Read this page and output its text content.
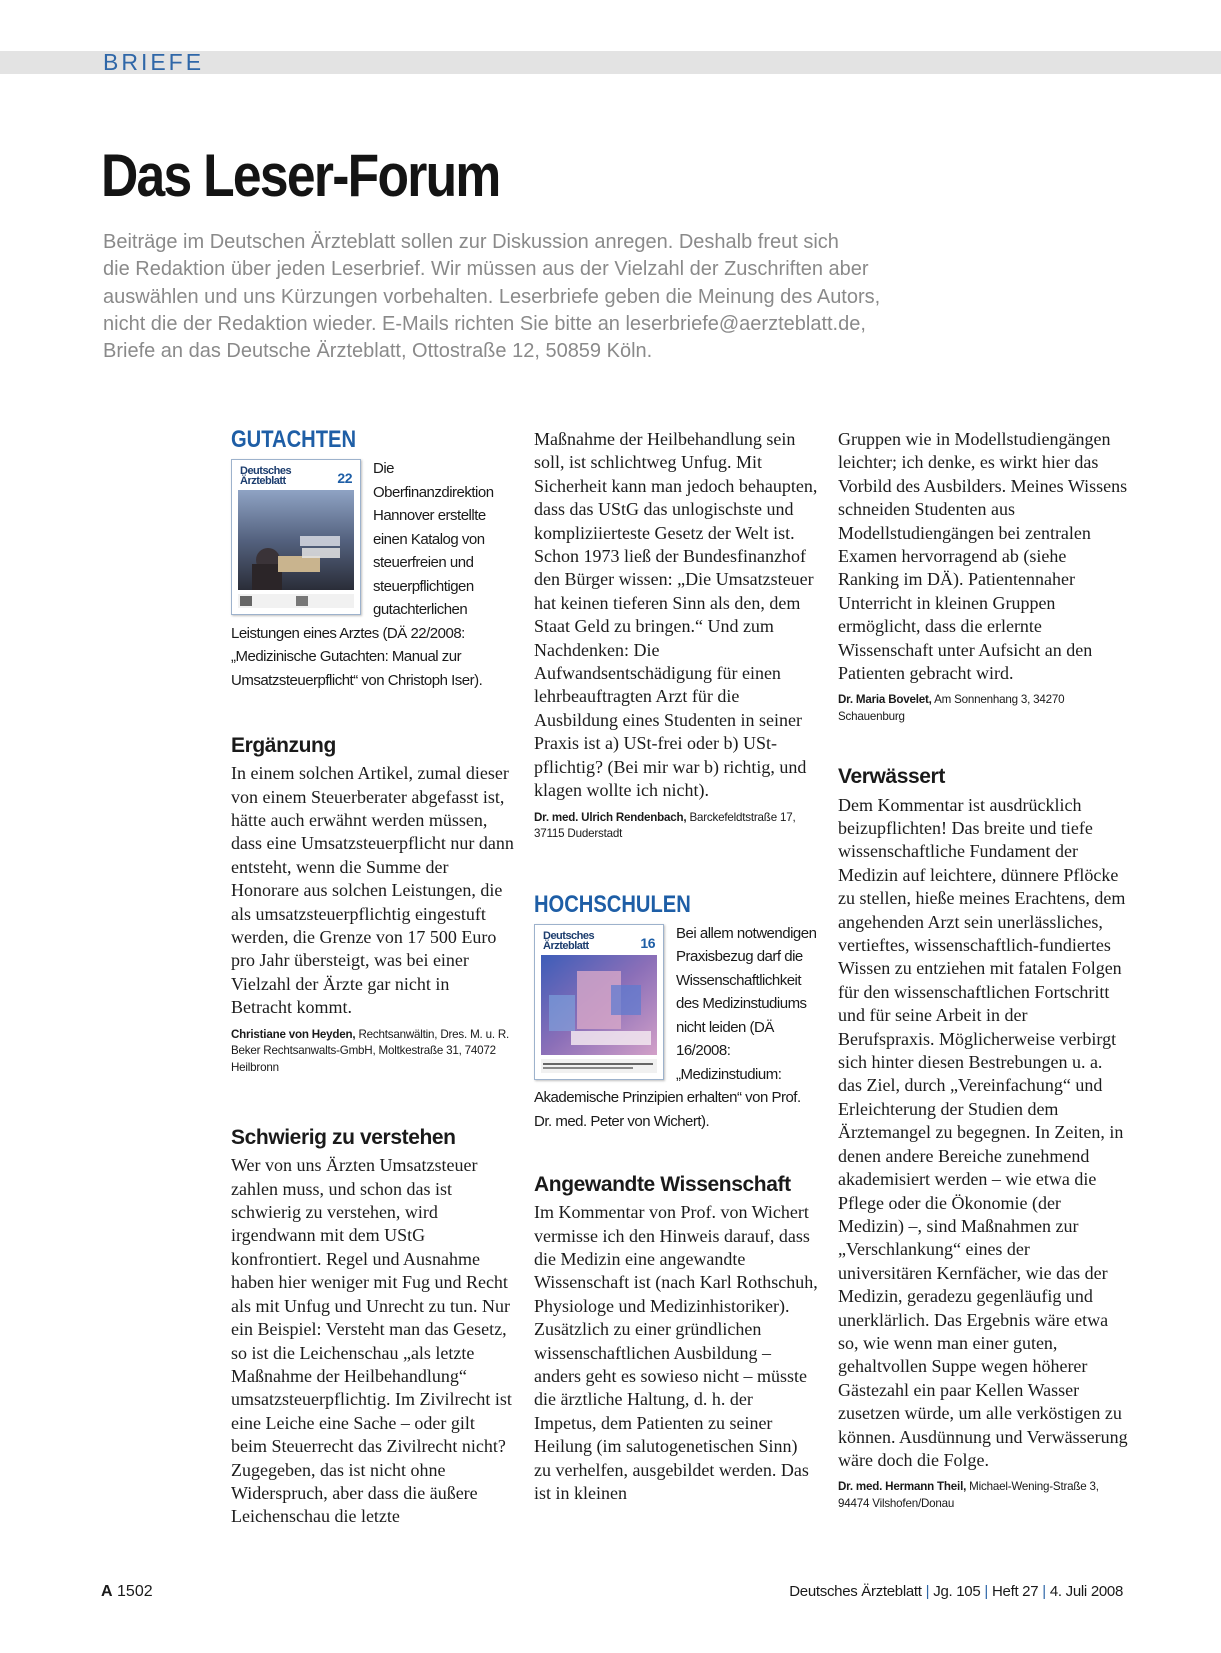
BRIEFE
Das Leser-Forum

Beiträge im Deutschen Ärzteblatt sollen zur Diskussion anregen. Deshalb freut sich
die Redaktion über jeden Leserbrief. Wir müssen aus der Vielzahl der Zuschriften aber
auswählen und uns Kürzungen vorbehalten. Leserbriefe geben die Meinung des Autors,
nicht die der Redaktion wieder. E-Mails richten Sie bitte an leserbriefe@aerzteblatt.de,
Briefe an das Deutsche Ärzteblatt, Ottostraße 12, 50859 Köln.

GUTACHTEN

Deutsches
Ärzteblatt	22
Die Oberfinanzdirektion Hannover erstellte einen Katalog von steuerfreien und steuerpflichtigen gutachterlichen Leistungen eines Arztes (DÄ 22/2008: „Medizinische Gutachten: Manual zur Umsatzsteuerpflicht“ von Christoph Iser).

Ergänzung

In einem solchen Artikel, zumal dieser von einem Steuerberater abgefasst ist, hätte auch erwähnt werden müssen, dass eine Umsatzsteuerpflicht nur dann entsteht, wenn die Summe der Honorare aus solchen Leistungen, die als umsatzsteuerpflichtig eingestuft werden, die Grenze von 17 500 Euro pro Jahr übersteigt, was bei einer Vielzahl der Ärzte gar nicht in Betracht kommt.

Christiane von Heyden, Rechtsanwältin, Dres. M. u. R. Beker Rechtsanwalts-GmbH, Moltkestraße 31, 74072 Heilbronn

Schwierig zu verstehen

Wer von uns Ärzten Umsatzsteuer zahlen muss, und schon das ist schwierig zu verstehen, wird irgendwann mit dem UStG konfrontiert. Regel und Ausnahme haben hier weniger mit Fug und Recht als mit Unfug und Unrecht zu tun. Nur ein Beispiel: Versteht man das Gesetz, so ist die Leichenschau „als letzte Maßnahme der Heilbehandlung“ umsatzsteuerpflichtig. Im Zivilrecht ist eine Leiche eine Sache – oder gilt beim Steuerrecht das Zivilrecht nicht? Zugegeben, das ist nicht ohne Widerspruch, aber dass die äußere Leichenschau die letzte

Maßnahme der Heilbehandlung sein soll, ist schlichtweg Unfug. Mit Sicherheit kann man jedoch behaupten, dass das UStG das unlogischste und kompliziierteste Gesetz der Welt ist. Schon 1973 ließ der Bundesfinanzhof den Bürger wissen: „Die Umsatzsteuer hat keinen tieferen Sinn als den, dem Staat Geld zu bringen.“ Und zum Nachdenken: Die Aufwandsentschädigung für einen lehrbeauftragten Arzt für die Ausbildung eines Studenten in seiner Praxis ist a) USt-frei oder b) USt-pflichtig? (Bei mir war b) richtig, und klagen wollte ich nicht).

Dr. med. Ulrich Rendenbach, Barckefeldtstraße 17, 37115 Duderstadt

HOCHSCHULEN

Deutsches
Ärzteblatt	16
Bei allem notwendigen Praxisbezug darf die Wissenschaftlichkeit des Medizinstudiums nicht leiden (DÄ 16/2008: „Medizinstudium: Akademische Prinzipien erhalten“ von Prof. Dr. med. Peter von Wichert).

Angewandte Wissenschaft

Im Kommentar von Prof. von Wichert vermisse ich den Hinweis darauf, dass die Medizin eine angewandte Wissenschaft ist (nach Karl Rothschuh, Physiologe und Medizinhistoriker). Zusätzlich zu einer gründlichen wissenschaftlichen Ausbildung – anders geht es sowieso nicht – müsste die ärztliche Haltung, d. h. der Impetus, dem Patienten zu seiner Heilung (im salutogenetischen Sinn) zu verhelfen, ausgebildet werden. Das ist in kleinen

Gruppen wie in Modellstudiengängen leichter; ich denke, es wirkt hier das Vorbild des Ausbilders. Meines Wissens schneiden Studenten aus Modellstudiengängen bei zentralen Examen hervorragend ab (siehe Ranking im DÄ). Patientennaher Unterricht in kleinen Gruppen ermöglicht, dass die erlernte Wissenschaft unter Aufsicht an den Patienten gebracht wird.

Dr. Maria Bovelet, Am Sonnenhang 3, 34270 Schauenburg

Verwässert

Dem Kommentar ist ausdrücklich beizupflichten! Das breite und tiefe wissenschaftliche Fundament der Medizin auf leichtere, dünnere Pflöcke zu stellen, hieße meines Erachtens, dem angehenden Arzt sein unerlässliches, vertieftes, wissenschaftlich-fundiertes Wissen zu entziehen mit fatalen Folgen für den wissenschaftlichen Fortschritt und für seine Arbeit in der Berufspraxis. Möglicherweise verbirgt sich hinter diesen Bestrebungen u. a. das Ziel, durch „Vereinfachung“ und Erleichterung der Studien dem Ärztemangel zu begegnen. In Zeiten, in denen andere Bereiche zunehmend akademisiert werden – wie etwa die Pflege oder die Ökonomie (der Medizin) –, sind Maßnahmen zur „Verschlankung“ eines der universitären Kernfächer, wie das der Medizin, geradezu gegenläufig und unerklärlich. Das Ergebnis wäre etwa so, wie wenn man einer guten, gehaltvollen Suppe wegen höherer Gästezahl ein paar Kellen Wasser zusetzen würde, um alle verköstigen zu können. Ausdünnung und Verwässerung wäre doch die Folge.

Dr. med. Hermann Theil, Michael-Wening-Straße 3, 94474 Vilshofen/Donau

A 1502	Deutsches Ärzteblatt | Jg. 105 | Heft 27 | 4. Juli 2008
